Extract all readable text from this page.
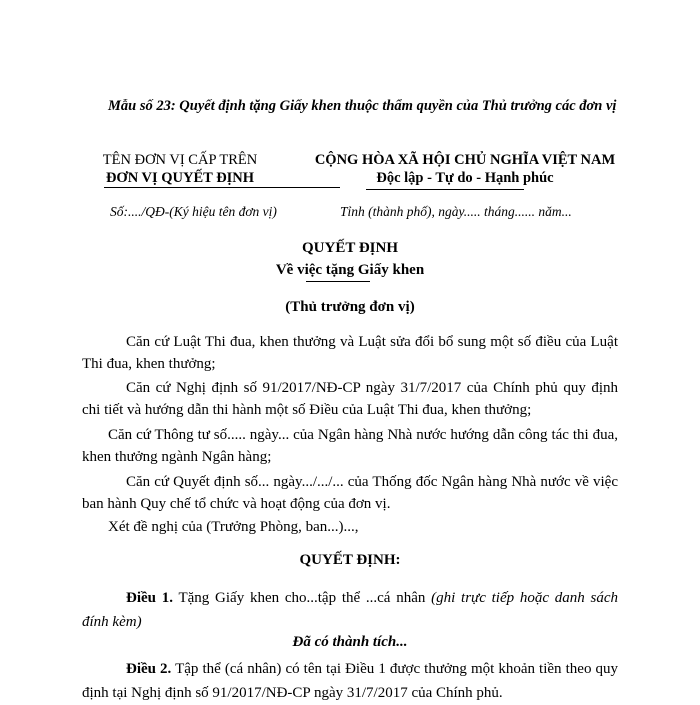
Mẫu số 23: Quyết định tặng Giấy khen thuộc thẩm quyền của Thủ trưởng các đơn vị
TÊN ĐƠN VỊ CẤP TRÊN
ĐƠN VỊ QUYẾT ĐỊNH
CỘNG HÒA XÃ HỘI CHỦ NGHĨA VIỆT NAM
Độc lập - Tự do - Hạnh phúc
Số:..../QĐ-(Ký hiệu tên đơn vị)	Tỉnh (thành phố), ngày..... tháng...... năm...
QUYẾT ĐỊNH
Về việc tặng Giấy khen
(Thủ trưởng đơn vị)
Căn cứ Luật Thi đua, khen thưởng và Luật sửa đổi bổ sung một số điều của Luật Thi đua, khen thưởng;
Căn cứ Nghị định số 91/2017/NĐ-CP ngày 31/7/2017 của Chính phủ quy định chi tiết và hướng dẫn thi hành một số Điều của Luật Thi đua, khen thưởng;
Căn cứ Thông tư số..... ngày... của Ngân hàng Nhà nước hướng dẫn công tác thi đua, khen thưởng ngành Ngân hàng;
Căn cứ Quyết định số... ngày.../.../... của Thống đốc Ngân hàng Nhà nước về việc ban hành Quy chế tổ chức và hoạt động của đơn vị.
Xét đề nghị của (Trưởng Phòng, ban...)...,
QUYẾT ĐỊNH:
Điều 1. Tặng Giấy khen cho...tập thể ...cá nhân (ghi trực tiếp hoặc danh sách đính kèm)
Đã có thành tích...
Điều 2. Tập thể (cá nhân) có tên tại Điều 1 được thưởng một khoản tiền theo quy định tại Nghị định số 91/2017/NĐ-CP ngày 31/7/2017 của Chính phủ.
